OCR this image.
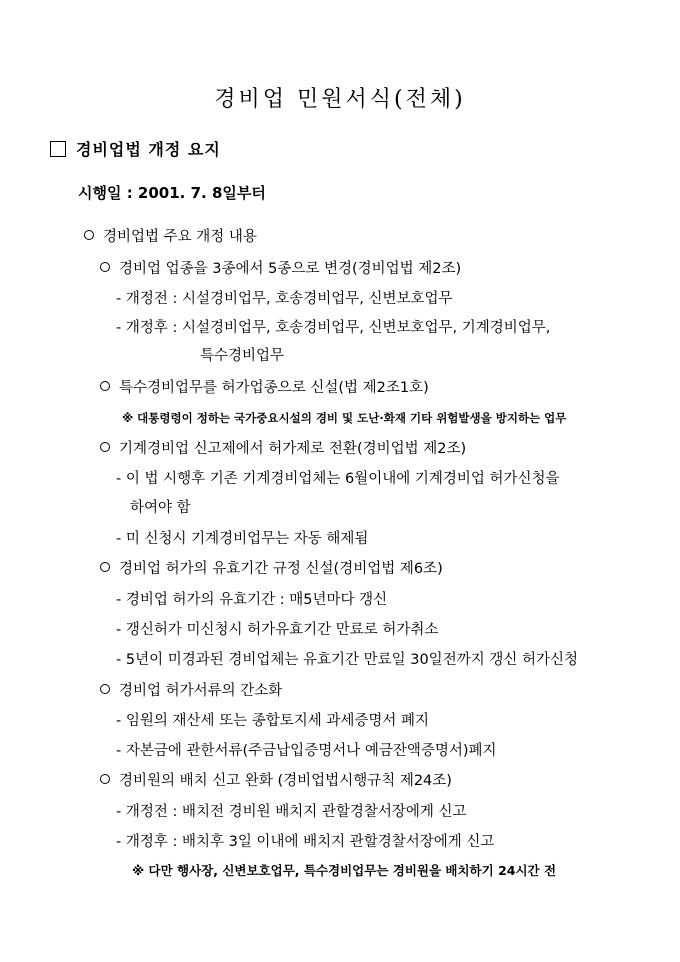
경비업 민원서식(전체)
경비업법 개정 요지
시행일 : 2001. 7. 8일부터
경비업법 주요 개정 내용
경비업 업종을 3종에서 5종으로 변경(경비업법 제2조)
- 개정전 : 시설경비업무, 호송경비업무, 신변보호업무
- 개정후 : 시설경비업무, 호송경비업무, 신변보호업무, 기계경비업무,
특수경비업무
특수경비업무를 허가업종으로 신설(법 제2조1호)
※ 대통령령이 정하는 국가중요시설의 경비 및 도난·화재 기타 위험발생을 방지하는 업무
기계경비업 신고제에서 허가제로 전환(경비업법 제2조)
- 이 법 시행후 기존 기계경비업체는 6월이내에 기계경비업 허가신청을
하여야 함
- 미 신청시 기계경비업무는 자동 해제됨
경비업 허가의 유효기간 규정 신설(경비업법 제6조)
- 경비업 허가의 유효기간 : 매5년마다 갱신
- 갱신허가 미신청시 허가유효기간 만료로 허가취소
- 5년이 미경과된 경비업체는 유효기간 만료일 30일전까지 갱신 허가신청
경비업 허가서류의 간소화
- 임원의 재산세 또는 종합토지세 과세증명서 폐지
- 자본금에 관한서류(주금납입증명서나 예금잔액증명서)폐지
경비원의 배치 신고 완화 (경비업법시행규칙 제24조)
- 개정전 : 배치전 경비원 배치지 관할경찰서장에게 신고
- 개정후 : 배치후 3일 이내에 배치지 관할경찰서장에게 신고
※ 다만 행사장, 신변보호업무, 특수경비업무는 경비원을 배치하기 24시간 전
